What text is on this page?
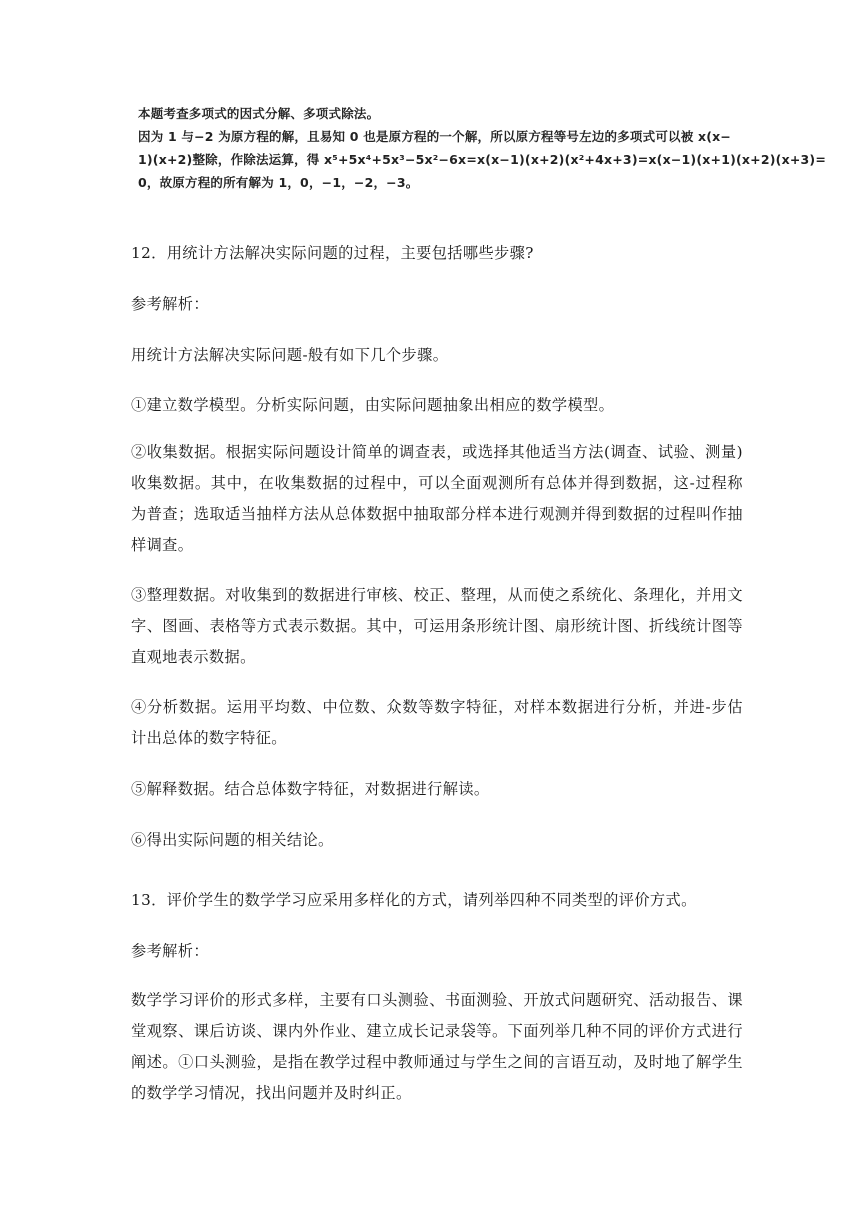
本题考查多项式的因式分解、多项式除法。
因为 1 与−2 为原方程的解，且易知 0 也是原方程的一个解，所以原方程等号左边的多项式可以被 x(x−
1)(x+2)整除，作除法运算，得 x⁵+5x⁴+5x³−5x²−6x=x(x−1)(x+2)(x²+4x+3)=x(x−1)(x+1)(x+2)(x+3)=
0，故原方程的所有解为 1，0，−1，−2，−3。
12．用统计方法解决实际问题的过程，主要包括哪些步骤?
参考解析：
用统计方法解决实际问题-般有如下几个步骤。
①建立数学模型。分析实际问题，由实际问题抽象出相应的数学模型。
②收集数据。根据实际问题设计简单的调查表，或选择其他适当方法(调查、试验、测量)收集数据。其中，在收集数据的过程中，可以全面观测所有总体并得到数据，这-过程称为普查；选取适当抽样方法从总体数据中抽取部分样本进行观测并得到数据的过程叫作抽样调查。
③整理数据。对收集到的数据进行审核、校正、整理，从而使之系统化、条理化，并用文字、图画、表格等方式表示数据。其中，可运用条形统计图、扇形统计图、折线统计图等直观地表示数据。
④分析数据。运用平均数、中位数、众数等数字特征，对样本数据进行分析，并进-步估计出总体的数字特征。
⑤解释数据。结合总体数字特征，对数据进行解读。
⑥得出实际问题的相关结论。
13．评价学生的数学学习应采用多样化的方式，请列举四种不同类型的评价方式。
参考解析：
数学学习评价的形式多样，主要有口头测验、书面测验、开放式问题研究、活动报告、课堂观察、课后访谈、课内外作业、建立成长记录袋等。下面列举几种不同的评价方式进行阐述。①口头测验，是指在教学过程中教师通过与学生之间的言语互动，及时地了解学生的数学学习情况，找出问题并及时纠正。
